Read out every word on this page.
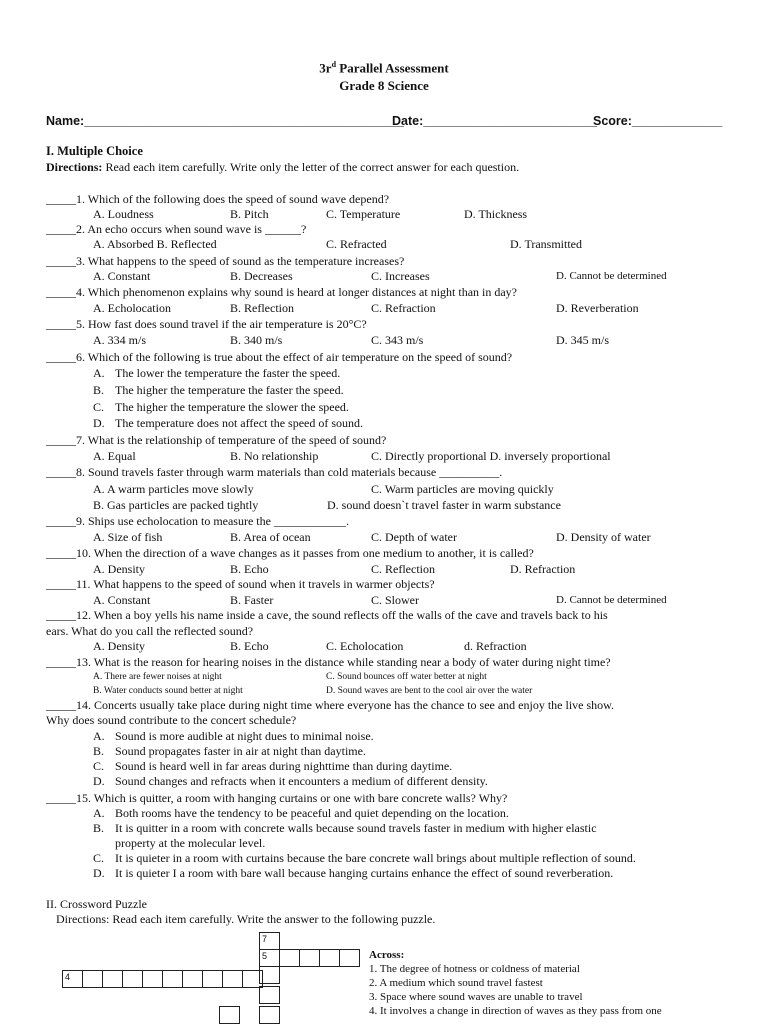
$3r^d$ Parallel Assessment
Grade 8 Science
Name:______________________________________________
Date:_________________________
Score:_____________
I. Multiple Choice
Directions: Read each item carefully. Write only the letter of the correct answer for each question.
_____1. Which of the following does the speed of sound wave depend?
A. Loudness	B. Pitch	C. Temperature	D. Thickness
_____2. An echo occurs when sound wave is ______?
A. Absorbed B. Reflected	C. Refracted	D. Transmitted
_____3. What happens to the speed of sound as the temperature increases?
A. Constant	B. Decreases	C. Increases	D. Cannot be determined
_____4. Which phenomenon explains why sound is heard at longer distances at night than in day?
A. Echolocation	B. Reflection	C. Refraction	D. Reverberation
_____5. How fast does sound travel if the air temperature is 20°C?
A. 334 m/s	B. 340 m/s	C. 343 m/s	D. 345 m/s
_____6. Which of the following is true about the effect of air temperature on the speed of sound?
A. The lower the temperature the faster the speed.
B. The higher the temperature the faster the speed.
C. The higher the temperature the slower the speed.
D. The temperature does not affect the speed of sound.
_____7. What is the relationship of temperature of the speed of sound?
A. Equal	B. No relationship	C. Directly proportional D. inversely proportional
_____8. Sound travels faster through warm materials than cold materials because __________.
A. A warm particles move slowly	C. Warm particles are moving quickly
B. Gas particles are packed tightly	D. sound doesn`t travel faster in warm substance
_____9. Ships use echolocation to measure the ____________.
A. Size of fish	B. Area of ocean	C. Depth of water	D. Density of water
_____10. When the direction of a wave changes as it passes from one medium to another, it is called?
A. Density	B. Echo	C. Reflection	D. Refraction
_____11. What happens to the speed of sound when it travels in warmer objects?
A. Constant	B. Faster	C. Slower	D. Cannot be determined
_____12. When a boy yells his name inside a cave, the sound reflects off the walls of the cave and travels back to his
ears. What do you call the reflected sound?
A. Density	B. Echo	C. Echolocation	d. Refraction
_____13. What is the reason for hearing noises in the distance while standing near a body of water during night time?
A. There are fewer noises at night	C. Sound bounces off water better at night
B. Water conducts sound better at night	D. Sound waves are bent to the cool air over the water
_____14. Concerts usually take place during night time where everyone has the chance to see and enjoy the live show.
Why does sound contribute to the concert schedule?
A. Sound is more audible at night dues to minimal noise.
B. Sound propagates faster in air at night than daytime.
C. Sound is heard well in far areas during nighttime than during daytime.
D. Sound changes and refracts when it encounters a medium of different density.
_____15. Which is quitter, a room with hanging curtains or one with bare concrete walls? Why?
A. Both rooms have the tendency to be peaceful and quiet depending on the location.
B. It is quitter in a room with concrete walls because sound travels faster in medium with higher elastic
property at the molecular level.
C. It is quieter in a room with curtains because the bare concrete wall brings about multiple reflection of sound.
D. It is quieter I a room with bare wall because hanging curtains enhance the effect of sound reverberation.
II. Crossword Puzzle
Directions: Read each item carefully. Write the answer to the following puzzle.
7
5
4
Across:
1. The degree of hotness or coldness of material
2. A medium which sound travel fastest
3. Space where sound waves are unable to travel
4. It involves a change in direction of waves as they pass from one
